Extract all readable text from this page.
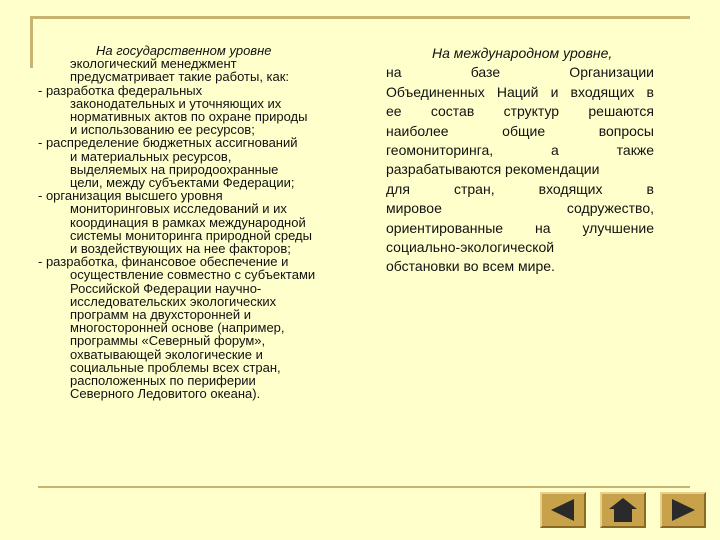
На государственном уровне

экологический менеджмент

предусматривает такие работы, как:

- разработка федеральных

законодательных и уточняющих их

нормативных актов по охране природы

и использованию ее ресурсов;

- распределение бюджетных ассигнований

и материальных ресурсов,

выделяемых на природоохранные

цели, между субъектами Федерации;

- организация высшего уровня

мониторинговых исследований и их

координация в рамках международной

системы мониторинга природной среды

и воздействующих на нее факторов;

- разработка, финансовое обеспечение и

осуществление совместно с субъектами

Российской Федерации научно-

исследовательских экологических

программ на двухсторонней и

многосторонней основе (например,

программы «Северный форум»,

охватывающей экологические и

социальные проблемы всех стран,

расположенных по периферии

Северного Ледовитого океана).

На международном уровне,

на базе Организации

Объединенных Наций и входящих в

ее состав структур решаются

наиболее общие вопросы

геомониторинга, а также

разрабатываются рекомендации

для стран, входящих в

мировое содружество,

ориентированные на улучшение

социально-экологической

обстановки во всем мире.
